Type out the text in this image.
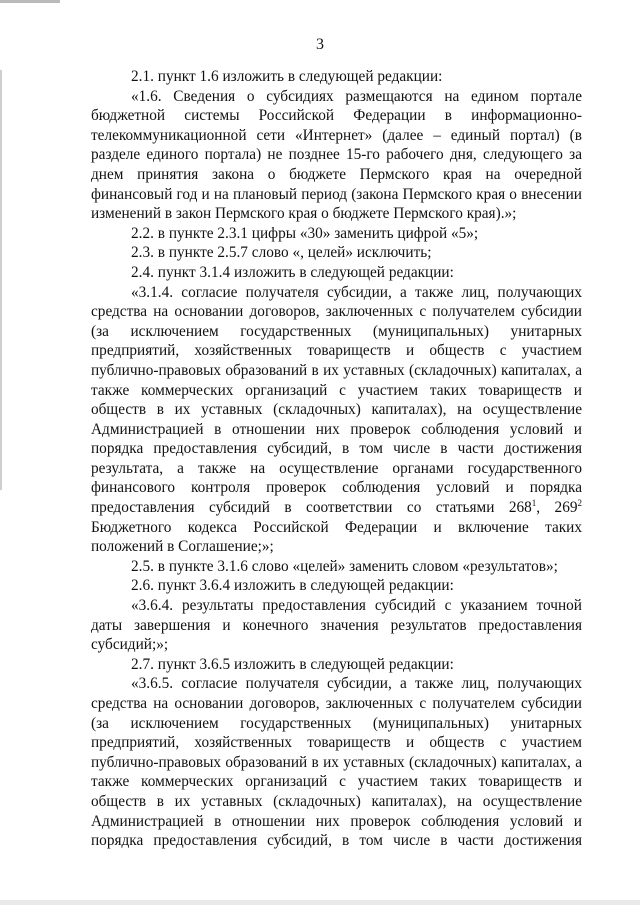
3

2.1. пункт 1.6 изложить в следующей редакции:

«1.6. Сведения о субсидиях размещаются на едином портале бюджетной системы Российской Федерации в информационно-телекоммуникационной сети «Интернет» (далее – единый портал) (в разделе единого портала) не позднее 15-го рабочего дня, следующего за днем принятия закона о бюджете Пермского края на очередной финансовый год и на плановый период (закона Пермского края о внесении изменений в закон Пермского края о бюджете Пермского края).»;

2.2. в пункте 2.3.1 цифры «30» заменить цифрой «5»;

2.3. в пункте 2.5.7 слово «, целей» исключить;

2.4. пункт 3.1.4 изложить в следующей редакции:

«3.1.4. согласие получателя субсидии, а также лиц, получающих средства на основании договоров, заключенных с получателем субсидии (за исключением государственных (муниципальных) унитарных предприятий, хозяйственных товариществ и обществ с участием публично-правовых образований в их уставных (складочных) капиталах, а также коммерческих организаций с участием таких товариществ и обществ в их уставных (складочных) капиталах), на осуществление Администрацией в отношении них проверок соблюдения условий и порядка предоставления субсидий, в том числе в части достижения результата, а также на осуществление органами государственного финансового контроля проверок соблюдения условий и порядка предоставления субсидий в соответствии со статьями $268^1$, $269^2$ Бюджетного кодекса Российской Федерации и включение таких положений в Соглашение;»;

2.5. в пункте 3.1.6 слово «целей» заменить словом «результатов»;

2.6. пункт 3.6.4 изложить в следующей редакции:

«3.6.4. результаты предоставления субсидий с указанием точной даты завершения и конечного значения результатов предоставления субсидий;»;

2.7. пункт 3.6.5 изложить в следующей редакции:

«3.6.5. согласие получателя субсидии, а также лиц, получающих средства на основании договоров, заключенных с получателем субсидии (за исключением государственных (муниципальных) унитарных предприятий, хозяйственных товариществ и обществ с участием публично-правовых образований в их уставных (складочных) капиталах, а также коммерческих организаций с участием таких товариществ и обществ в их уставных (складочных) капиталах), на осуществление Администрацией в отношении них проверок соблюдения условий и порядка предоставления субсидий, в том числе в части достижения
